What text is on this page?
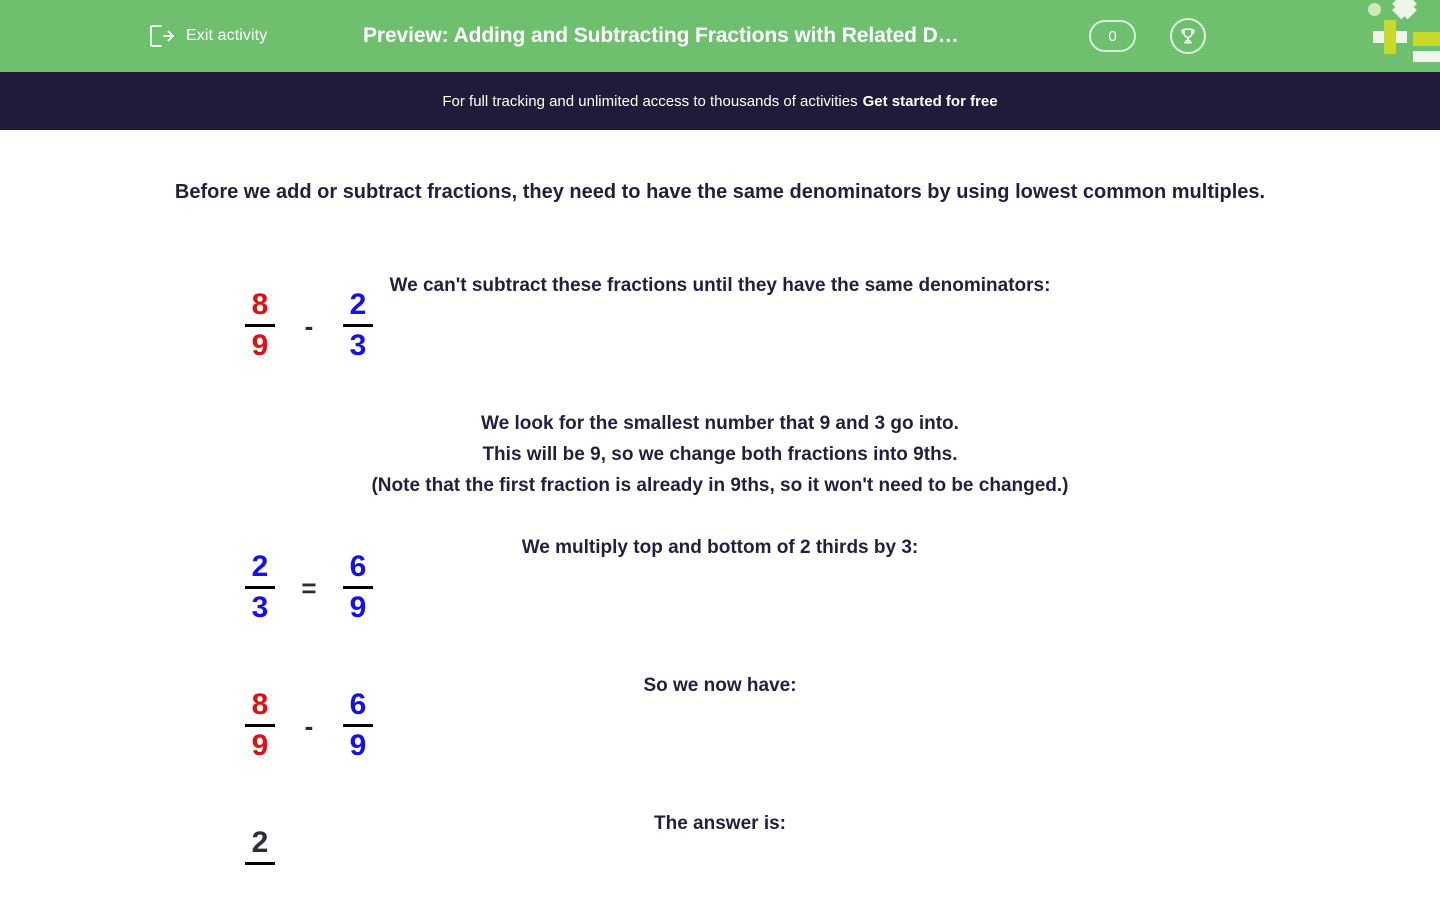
Exit activity	Preview: Adding and Subtracting Fractions with Related D…	0
For full tracking and unlimited access to thousands of activities Get started for free
Before we add or subtract fractions, they need to have the same denominators by using lowest common multiples.
We can't subtract these fractions until they have the same denominators:
$\frac{8}{9} - \frac{2}{3}$
We look for the smallest number that 9 and 3 go into.
This will be 9, so we change both fractions into 9ths.
(Note that the first fraction is already in 9ths, so it won't need to be changed.)
We multiply top and bottom of 2 thirds by 3:
$\frac{2}{3} = \frac{6}{9}$
So we now have:
$\frac{8}{9} - \frac{6}{9}$
The answer is:
2
